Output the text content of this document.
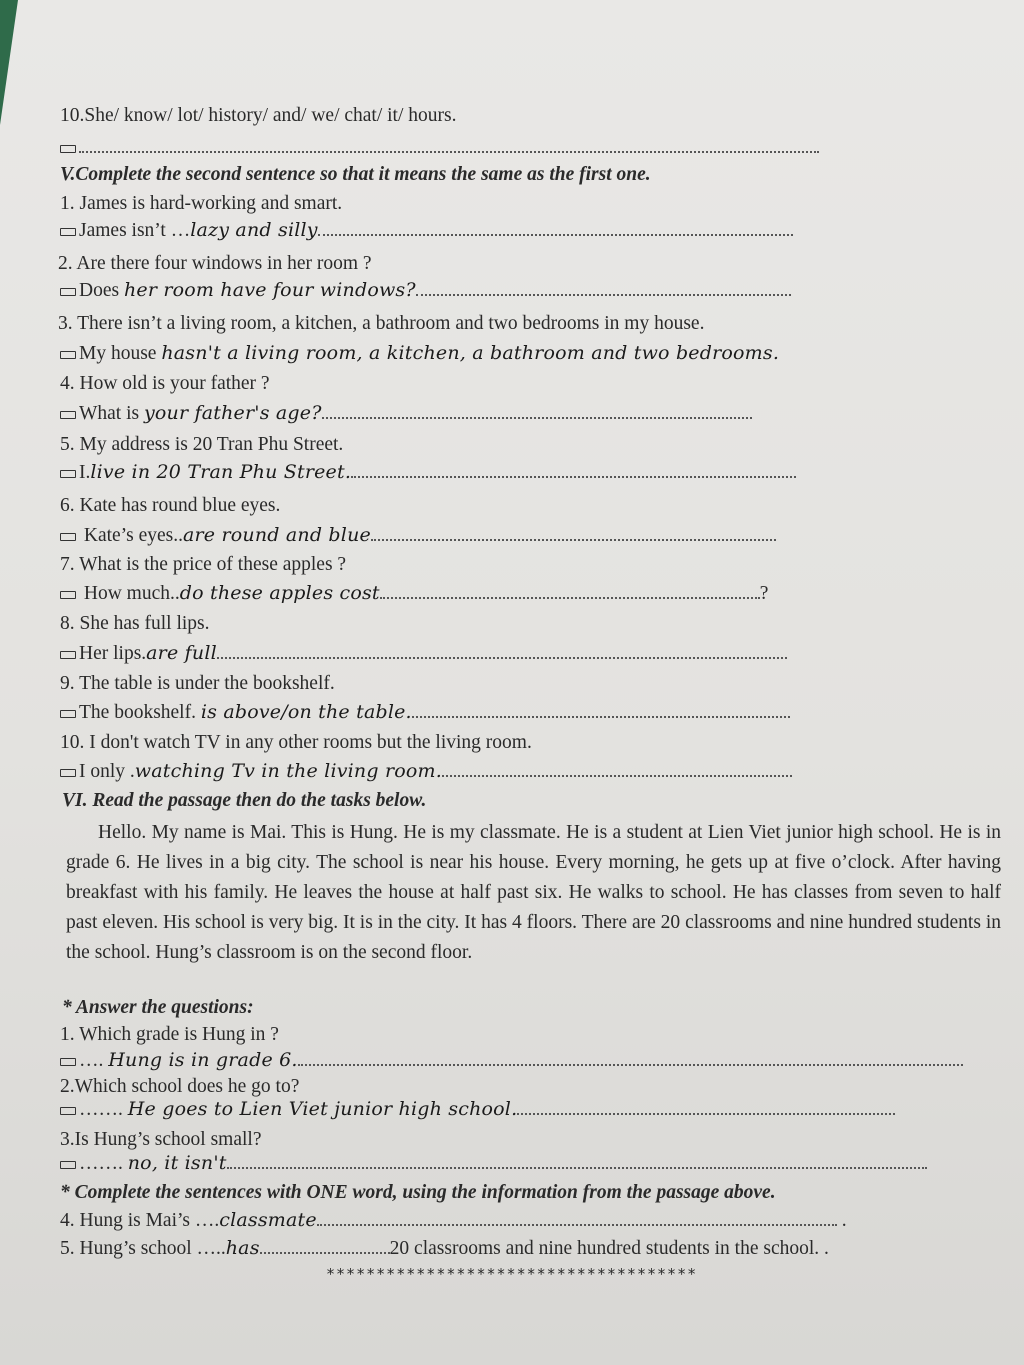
10.She/ know/ lot/ history/ and/ we/ chat/ it/ hours.
V.Complete the second sentence so that it means the same as the first one.
1. James is hard-working and smart.
James isn’t …lazy and silly
2. Are there four windows in her room ?
Does her room have four windows?
3. There isn’t a living room, a kitchen, a bathroom and two bedrooms in my house.
My house hasn't a living room, a kitchen, a bathroom and two bedrooms.
4. How old is your father ?
What is your father's age?
5. My address is 20 Tran Phu Street.
I.live in 20 Tran Phu Street.
6. Kate has round blue eyes.
Kate’s eyes..are round and blue
7. What is the price of these apples ?
How much..do these apples cost	?
8. She has full lips.
Her lips.are full
9. The table is under the bookshelf.
The bookshelf. is above/on the table.
10. I don't watch TV in any other rooms but the living room.
I only .watching Tv in the living room.
VI. Read the passage then do the tasks below.
Hello. My name is Mai. This is Hung. He is my classmate. He is a student at Lien Viet junior high school. He is in grade 6. He lives in a big city. The school is near his house. Every morning, he gets up at five o’clock. After having breakfast with his family. He leaves the house at half past six. He walks to school. He has classes from seven to half past eleven. His school is very big. It is in the city. It has 4 floors. There are 20 classrooms and nine hundred students in the school. Hung’s classroom is on the second floor.
* Answer the questions:
1. Which grade is Hung in ?
…. Hung is in grade 6.
2.Which school does he go to?
……. He goes to Lien Viet junior high school.
3.Is Hung’s school small?
……. no, it isn't
* Complete the sentences with ONE word, using the information from the passage above.
4. Hung is Mai’s ….classmate	.
5. Hung’s school …..has	20 classrooms and nine hundred students in the school. .
*************************************
